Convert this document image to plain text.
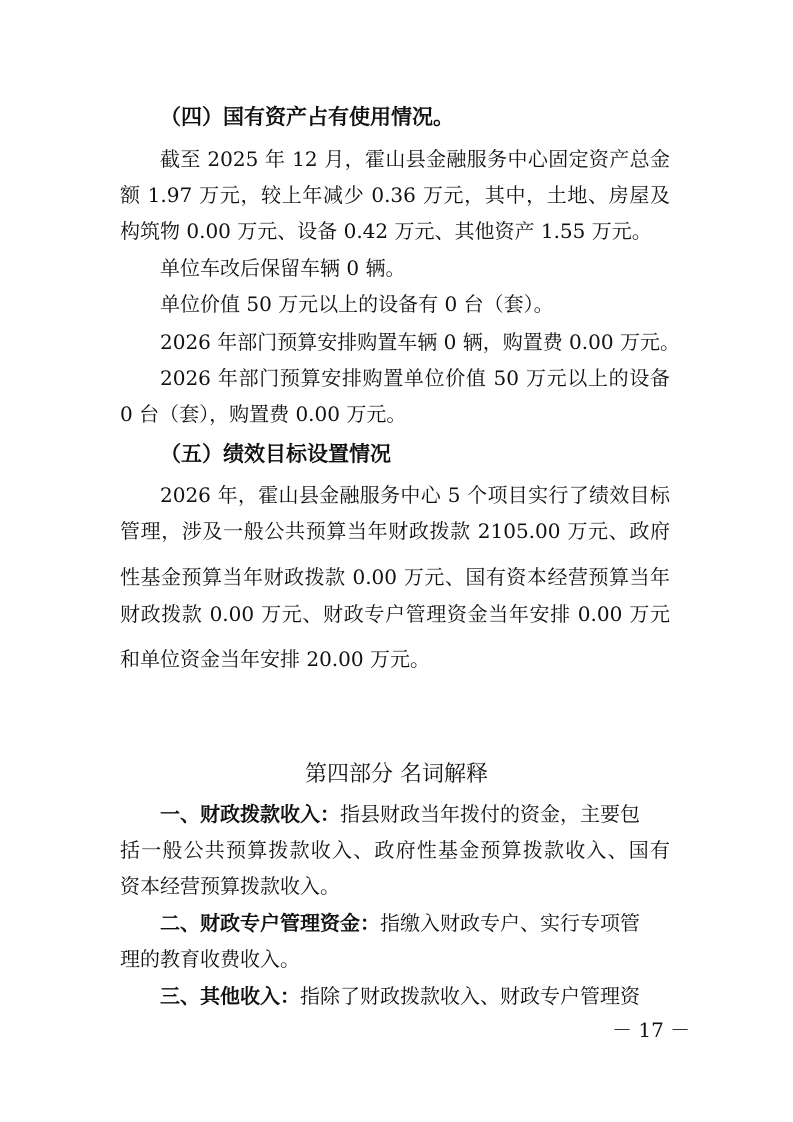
（四）国有资产占有使用情况。
截至 2025 年 12 月，霍山县金融服务中心固定资产总金
额 1.97 万元，较上年减少 0.36 万元，其中，土地、房屋及
构筑物 0.00 万元、设备 0.42 万元、其他资产 1.55 万元。
单位车改后保留车辆 0 辆。
单位价值 50 万元以上的设备有 0 台（套）。
2026 年部门预算安排购置车辆 0 辆，购置费 0.00 万元。
2026 年部门预算安排购置单位价值 50 万元以上的设备
0 台（套），购置费 0.00 万元。
（五）绩效目标设置情况
2026 年，霍山县金融服务中心 5 个项目实行了绩效目标
管理，涉及一般公共预算当年财政拨款 2105.00 万元、政府
性基金预算当年财政拨款 0.00 万元、国有资本经营预算当年
财政拨款 0.00 万元、财政专户管理资金当年安排 0.00 万元
和单位资金当年安排 20.00 万元。
第四部分 名词解释
一、财政拨款收入：指县财政当年拨付的资金，主要包
括一般公共预算拨款收入、政府性基金预算拨款收入、国有
资本经营预算拨款收入。
二、财政专户管理资金：指缴入财政专户、实行专项管
理的教育收费收入。
三、其他收入：指除了财政拨款收入、财政专户管理资
－ 17 －
